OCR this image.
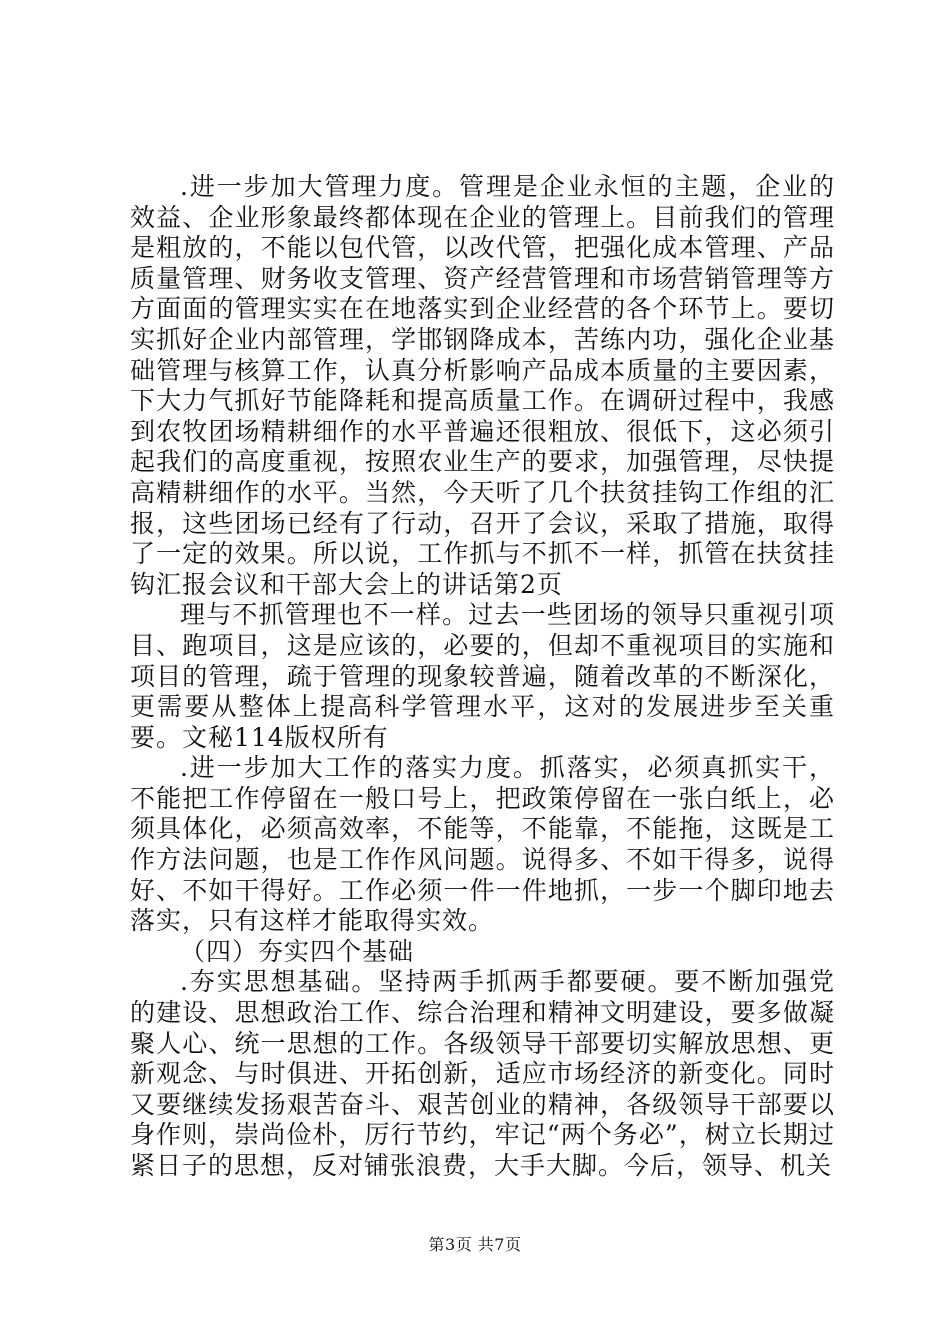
.进一步加大管理力度。管理是企业永恒的主题，企业的效益、企业形象最终都体现在企业的管理上。目前我们的管理是粗放的，不能以包代管，以改代管，把强化成本管理、产品质量管理、财务收支管理、资产经营管理和市场营销管理等方方面面的管理实实在在地落实到企业经营的各个环节上。要切实抓好企业内部管理，学邯钢降成本，苦练内功，强化企业基础管理与核算工作，认真分析影响产品成本质量的主要因素，下大力气抓好节能降耗和提高质量工作。在调研过程中，我感到农牧团场精耕细作的水平普遍还很粗放、很低下，这必须引起我们的高度重视，按照农业生产的要求，加强管理，尽快提高精耕细作的水平。当然，今天听了几个扶贫挂钩工作组的汇报，这些团场已经有了行动，召开了会议，采取了措施，取得了一定的效果。所以说，工作抓与不抓不一样，抓管在扶贫挂钩汇报会议和干部大会上的讲话第2页

理与不抓管理也不一样。过去一些团场的领导只重视引项目、跑项目，这是应该的，必要的，但却不重视项目的实施和项目的管理，疏于管理的现象较普遍，随着改革的不断深化，更需要从整体上提高科学管理水平，这对的发展进步至关重要。文秘114版权所有

.进一步加大工作的落实力度。抓落实，必须真抓实干，不能把工作停留在一般口号上，把政策停留在一张白纸上，必须具体化，必须高效率，不能等，不能靠，不能拖，这既是工作方法问题，也是工作作风问题。说得多、不如干得多，说得好、不如干得好。工作必须一件一件地抓，一步一个脚印地去落实，只有这样才能取得实效。

（四）夯实四个基础

.夯实思想基础。坚持两手抓两手都要硬。要不断加强党的建设、思想政治工作、综合治理和精神文明建设，要多做凝聚人心、统一思想的工作。各级领导干部要切实解放思想、更新观念、与时俱进、开拓创新，适应市场经济的新变化。同时又要继续发扬艰苦奋斗、艰苦创业的精神，各级领导干部要以身作则，崇尚俭朴，厉行节约，牢记“两个务必”，树立长期过紧日子的思想，反对铺张浪费，大手大脚。今后，领导、机关

第3页 共7页
